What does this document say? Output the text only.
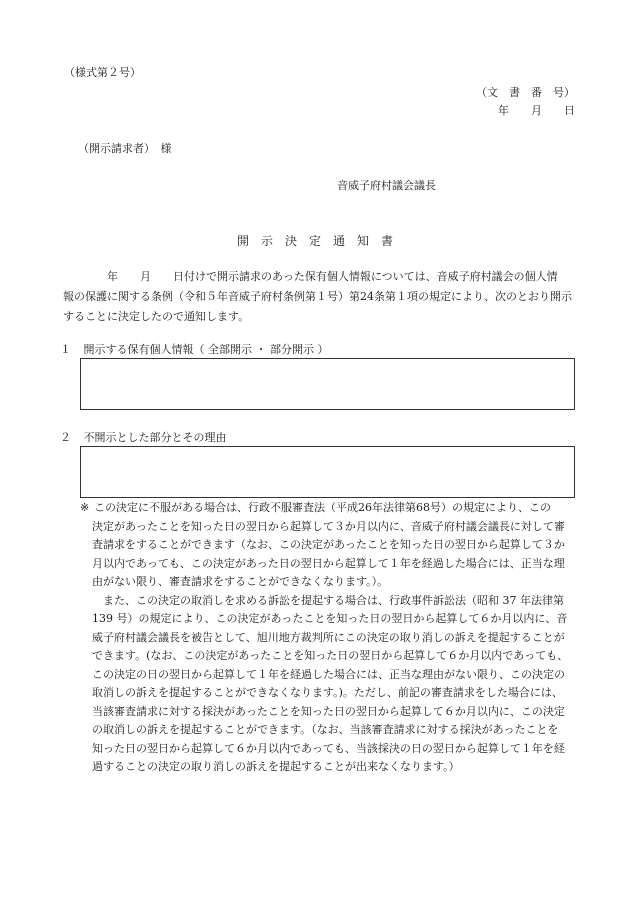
（様式第２号）
（文　書　番　号）
年　　月　　日
（開示請求者）　様
音威子府村議会議長
開　示　決　定　通　知　書
　　　　年　　月　　日付けで開示請求のあった保有個人情報については、音威子府村議会の個人情
報の保護に関する条例（令和５年音威子府村条例第１号）第24条第１項の規定により、次のとおり開示
することに決定したので通知します。
１ 開示する保有個人情報（ 全部開示 ・ 部分開示 ）
２ 不開示とした部分とその理由
※ この決定に不服がある場合は、行政不服審査法（平成26年法律第68号）の規定により、この
決定があったことを知った日の翌日から起算して３か月以内に、音威子府村議会議長に対して審
査請求をすることができます（なお、この決定があったことを知った日の翌日から起算して３か
月以内であっても、この決定があった日の翌日から起算して１年を経過した場合には、正当な理
由がない限り、審査請求をすることができなくなります。）。
　また、この決定の取消しを求める訴訟を提起する場合は、行政事件訴訟法（昭和 37 年法律第
139 号）の規定により、この決定があったことを知った日の翌日から起算して６か月以内に、音
威子府村議会議長を被告として、旭川地方裁判所にこの決定の取り消しの訴えを提起することが
できます。(なお、この決定があったことを知った日の翌日から起算して６か月以内であっても、
この決定の日の翌日から起算して１年を経過した場合には、正当な理由がない限り、この決定の
取消しの訴えを提起することができなくなります。)。ただし、前記の審査請求をした場合には、
当該審査請求に対する採決があったことを知った日の翌日から起算して６か月以内に、この決定
の取消しの訴えを提起することができます。（なお、当該審査請求に対する採決があったことを
知った日の翌日から起算して６か月以内であっても、当該採決の日の翌日から起算して１年を経
過することの決定の取り消しの訴えを提起することが出来なくなります。）
